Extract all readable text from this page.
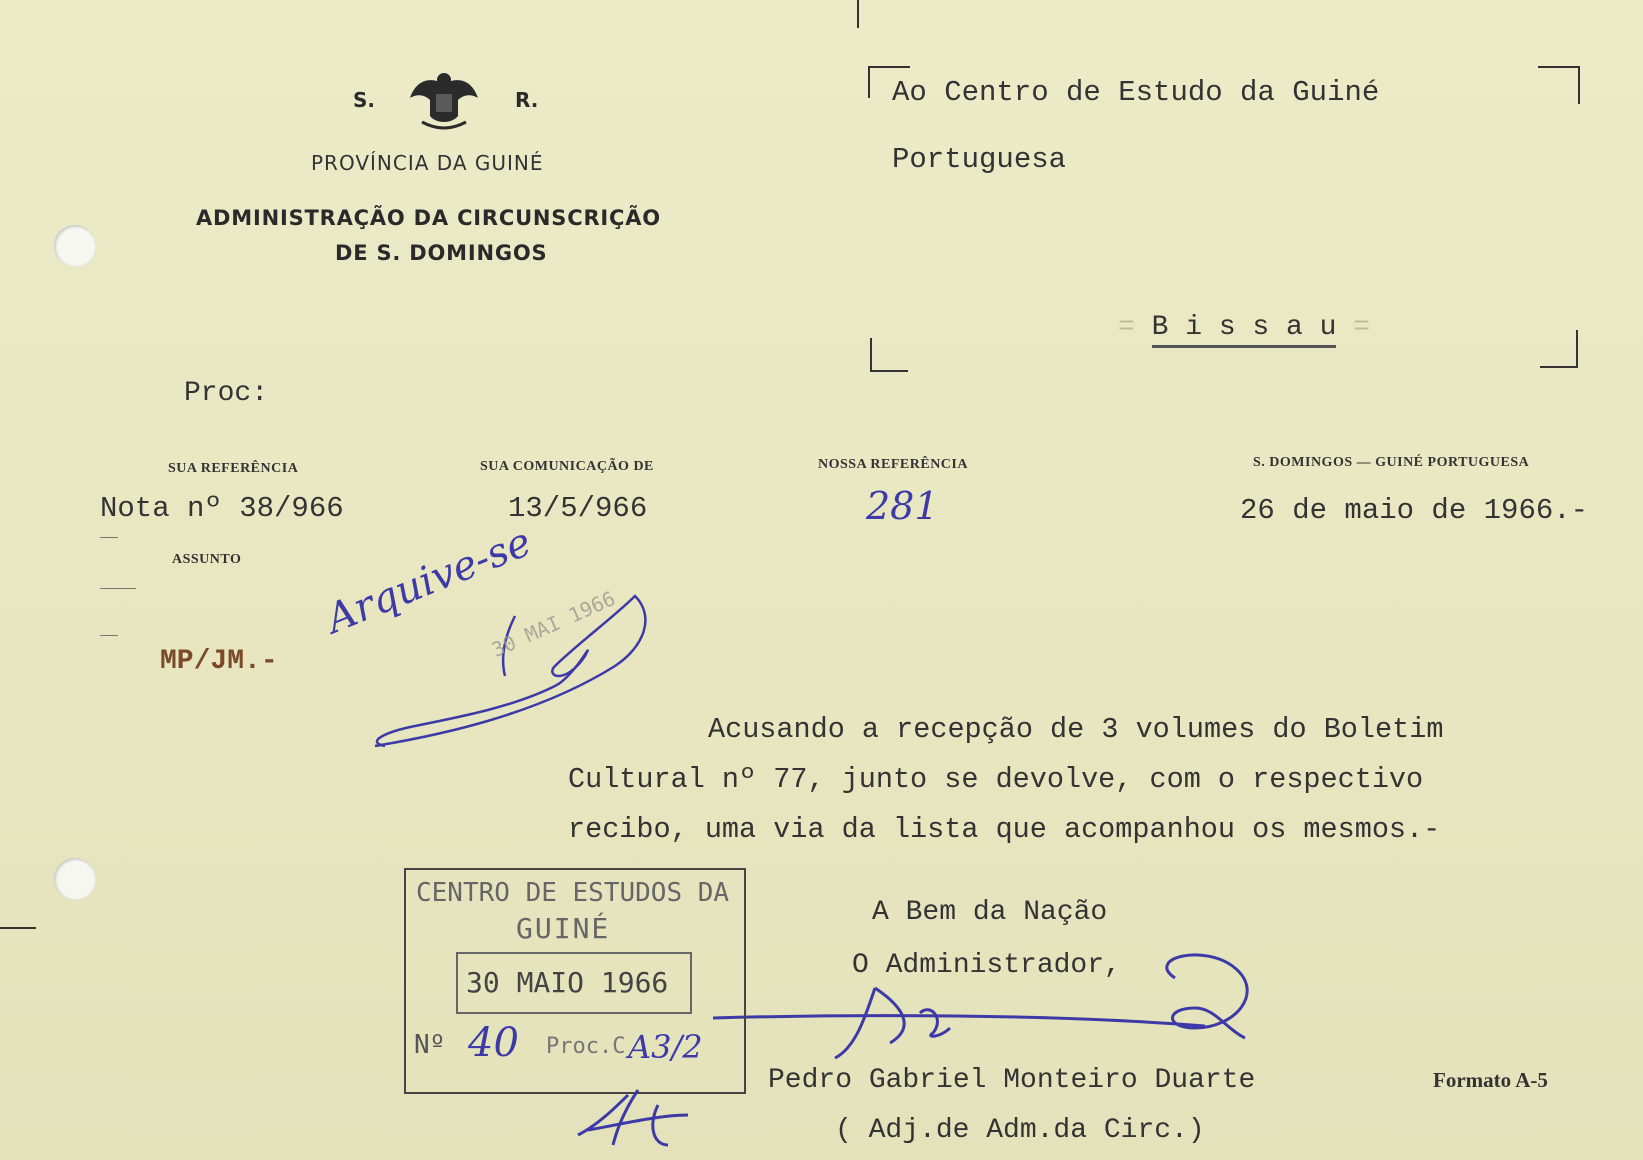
S.	R.
PROVÍNCIA DA GUINÉ
ADMINISTRAÇÃO DA CIRCUNSCRIÇÃO
DE S. DOMINGOS
Ao Centro de Estudo da Guiné
Portuguesa
= B i s s a u =
Proc:
SUA REFERÊNCIA	SUA COMUNICAÇÃO DE	NOSSA REFERÊNCIA	S. DOMINGOS — GUINÉ PORTUGUESA
Nota nº 38/966	13/5/966	281	26 de maio de 1966.-
ASSUNTO
MP/JM.-
Arquive-se
30 MAI 1966
Acusando a recepção de 3 volumes do Boletim
Cultural nº 77, junto se devolve, com o respectivo
recibo, uma via da lista que acompanhou os mesmos.-
A Bem da Nação
O Administrador,
Pedro Gabriel Monteiro Duarte
( Adj.de Adm.da Circ.)
Formato A-5
CENTRO DE ESTUDOS DA
GUINÉ
30 MAIO 1966
Nº 40 Proc.C A3/2
